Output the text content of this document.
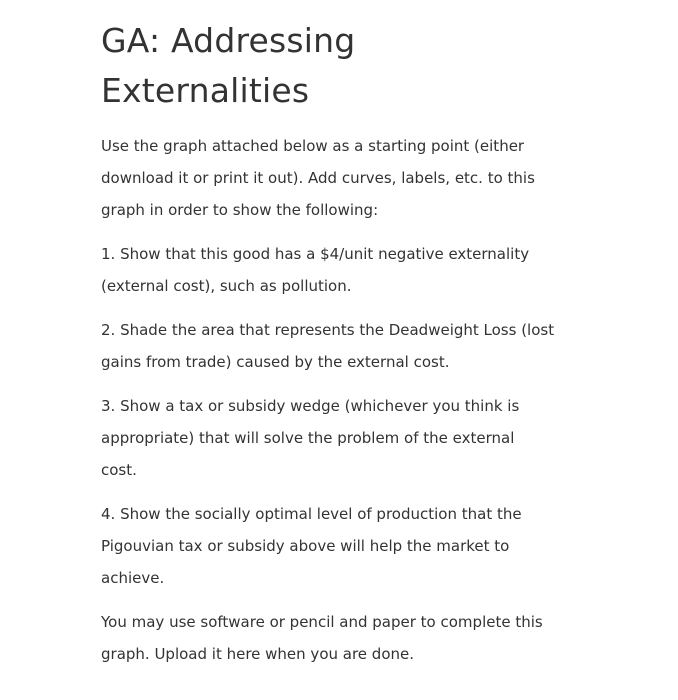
GA: Addressing
Externalities
Use the graph attached below as a starting point (either
download it or print it out). Add curves, labels, etc. to this
graph in order to show the following:
1. Show that this good has a $4/unit negative externality
(external cost), such as pollution.
2. Shade the area that represents the Deadweight Loss (lost
gains from trade) caused by the external cost.
3. Show a tax or subsidy wedge (whichever you think is
appropriate) that will solve the problem of the external
cost.
4. Show the socially optimal level of production that the
Pigouvian tax or subsidy above will help the market to
achieve.
You may use software or pencil and paper to complete this
graph. Upload it here when you are done.
